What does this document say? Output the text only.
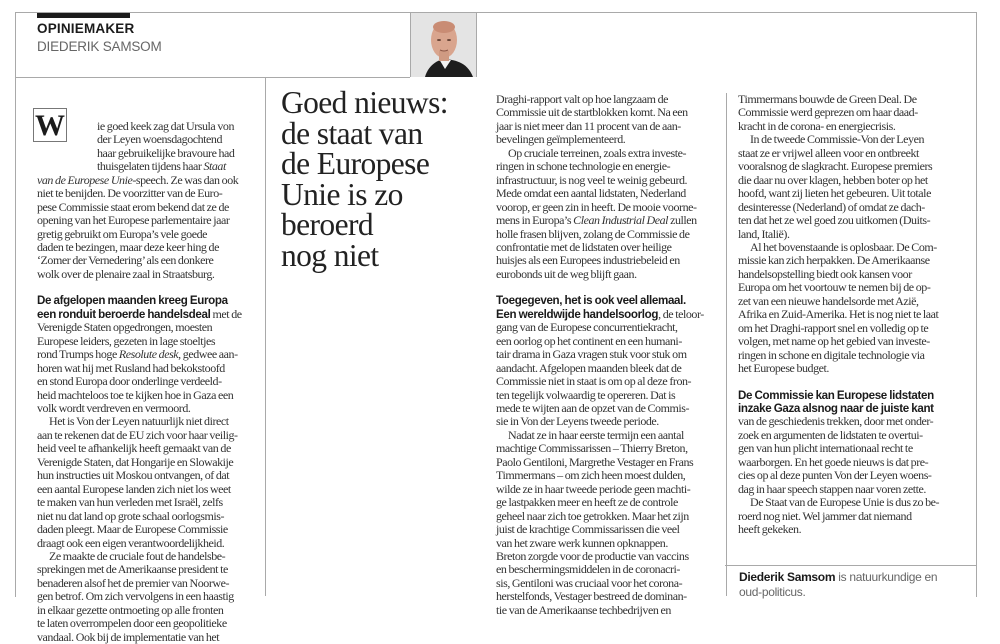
OPINIEMAKER
DIEDERIK SAMSOM

W	ie goed keek zag dat Ursula von
der Leyen woensdagochtend
haar gebruikelijke bravoure had
thuisgelaten tijdens haar Staat
van de Europese Unie-speech. Ze was dan ook
niet te benijden. De voorzitter van de Euro-
pese Commissie staat erom bekend dat ze de
opening van het Europese parlementaire jaar
gretig gebruikt om Europa’s vele goede
daden te bezingen, maar deze keer hing de
‘Zomer der Vernedering’ als een donkere
wolk over de plenaire zaal in Straatsburg.

De afgelopen maanden kreeg Europa
een ronduit beroerde handelsdeal met de
Verenigde Staten opgedrongen, moesten
Europese leiders, gezeten in lage stoeltjes
rond Trumps hoge Resolute desk, gedwee aan-
horen wat hij met Rusland had bekokstoofd
en stond Europa door onderlinge verdeeld-
heid machteloos toe te kijken hoe in Gaza een
volk wordt verdreven en vermoord.

Het is Von der Leyen natuurlijk niet direct
aan te rekenen dat de EU zich voor haar veilig-
heid veel te afhankelijk heeft gemaakt van de
Verenigde Staten, dat Hongarije en Slowakije
hun instructies uit Moskou ontvangen, of dat
een aantal Europese landen zich niet los weet
te maken van hun verleden met Israël, zelfs
niet nu dat land op grote schaal oorlogsmis-
daden pleegt. Maar de Europese Commissie
draagt ook een eigen verantwoordelijkheid.

Ze maakte de cruciale fout de handelsbe-
sprekingen met de Amerikaanse president te
benaderen alsof het de premier van Noorwe-
gen betrof. Om zich vervolgens in een haastig
in elkaar gezette ontmoeting op alle fronten
te laten overrompelen door een geopolitieke
vandaal. Ook bij de implementatie van het

Goed nieuws:
de staat van
de Europese
Unie is zo
beroerd
nog niet

Draghi-rapport valt op hoe langzaam de
Commissie uit de startblokken komt. Na een
jaar is niet meer dan 11 procent van de aan-
bevelingen geïmplementeerd.

Op cruciale terreinen, zoals extra investe-
ringen in schone technologie en energie-
infrastructuur, is nog veel te weinig gebeurd.
Mede omdat een aantal lidstaten, Nederland
voorop, er geen zin in heeft. De mooie voorne-
mens in Europa’s Clean Industrial Deal zullen
holle frasen blijven, zolang de Commissie de
confrontatie met de lidstaten over heilige
huisjes als een Europees industriebeleid en
eurobonds uit de weg blijft gaan.

Toegegeven, het is ook veel allemaal.
Een wereldwijde handelsoorlog, de teloor-
gang van de Europese concurrentiekracht,
een oorlog op het continent en een humani-
tair drama in Gaza vragen stuk voor stuk om
aandacht. Afgelopen maanden bleek dat de
Commissie niet in staat is om op al deze fron-
ten tegelijk volwaardig te opereren. Dat is
mede te wijten aan de opzet van de Commis-
sie in Von der Leyens tweede periode.

Nadat ze in haar eerste termijn een aantal
machtige Commissarissen – Thierry Breton,
Paolo Gentiloni, Margrethe Vestager en Frans
Timmermans – om zich heen moest dulden,
wilde ze in haar tweede periode geen machti-
ge lastpakken meer en heeft ze de controle
geheel naar zich toe getrokken. Maar het zijn
juist de krachtige Commissarissen die veel
van het zware werk kunnen opknappen.
Breton zorgde voor de productie van vaccins
en beschermingsmiddelen in de coronacri-
sis, Gentiloni was cruciaal voor het corona-
herstelfonds, Vestager bestreed de dominan-
tie van de Amerikaanse techbedrijven en

Timmermans bouwde de Green Deal. De
Commissie werd geprezen om haar daad-
kracht in de corona- en energiecrisis.

In de tweede Commissie-Von der Leyen
staat ze er vrijwel alleen voor en ontbreekt
vooralsnog de slagkracht. Europese premiers
die daar nu over klagen, hebben boter op het
hoofd, want zij lieten het gebeuren. Uit totale
desinteresse (Nederland) of omdat ze dach-
ten dat het ze wel goed zou uitkomen (Duits-
land, Italië).

Al het bovenstaande is oplosbaar. De Com-
missie kan zich herpakken. De Amerikaanse
handelsopstelling biedt ook kansen voor
Europa om het voortouw te nemen bij de op-
zet van een nieuwe handelsorde met Azië,
Afrika en Zuid-Amerika. Het is nog niet te laat
om het Draghi-rapport snel en volledig op te
volgen, met name op het gebied van investe-
ringen in schone en digitale technologie via
het Europese budget.

De Commissie kan Europese lidstaten
inzake Gaza alsnog naar de juiste kant
van de geschiedenis trekken, door met onder-
zoek en argumenten de lidstaten te overtui-
gen van hun plicht internationaal recht te
waarborgen. En het goede nieuws is dat pre-
cies op al deze punten Von der Leyen woens-
dag in haar speech stappen naar voren zette.

De Staat van de Europese Unie is dus zo be-
roerd nog niet. Wel jammer dat niemand
heeft gekeken.

Diederik Samsom is natuurkundige en
oud-politicus.
